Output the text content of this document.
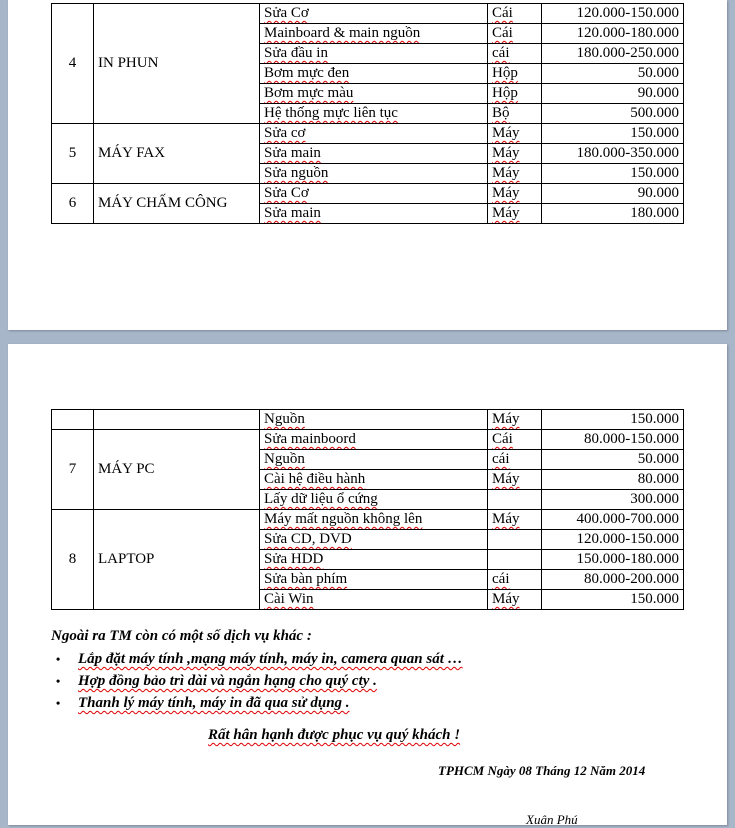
4	IN PHUN	Sửa Cơ	Cái	120.000-150.000
		Mainboard & main nguồn	Cái	120.000-180.000
		Sửa đầu in	cái	180.000-250.000
		Bơm mực đen	Hộp	50.000
		Bơm mực màu	Hộp	90.000
		Hệ thống mực liên tục	Bộ	500.000
5	MÁY FAX	Sửa cơ	Máy	150.000
		Sửa main	Máy	180.000-350.000
		Sửa nguồn	Máy	150.000
6	MÁY CHẤM CÔNG	Sửa Cơ	Máy	90.000
		Sửa main	Máy	180.000
		Nguồn	Máy	150.000
7	MÁY PC	Sửa mainboord	Cái	80.000-150.000
		Nguồn	cái	50.000
		Cài hệ điều hành	Máy	80.000
		Lấy dữ liệu ổ cứng		300.000
8	LAPTOP	Máy mất nguồn không lên	Máy	400.000-700.000
		Sửa CD, DVD		120.000-150.000
		Sửa HDD		150.000-180.000
		Sửa bàn phím	cái	80.000-200.000
		Cài Win	Máy	150.000
Ngoài ra TM còn có một số dịch vụ khác :
• Lắp đặt máy tính ,mạng máy tính, máy in, camera quan sát …
• Hợp đồng bảo trì dài và ngắn hạng cho quý cty .
• Thanh lý máy tính, máy in đã qua sử dụng .
Rất hân hạnh được phục vụ quý khách !
TPHCM Ngày 08 Tháng 12 Năm 2014
Xuân Phú
